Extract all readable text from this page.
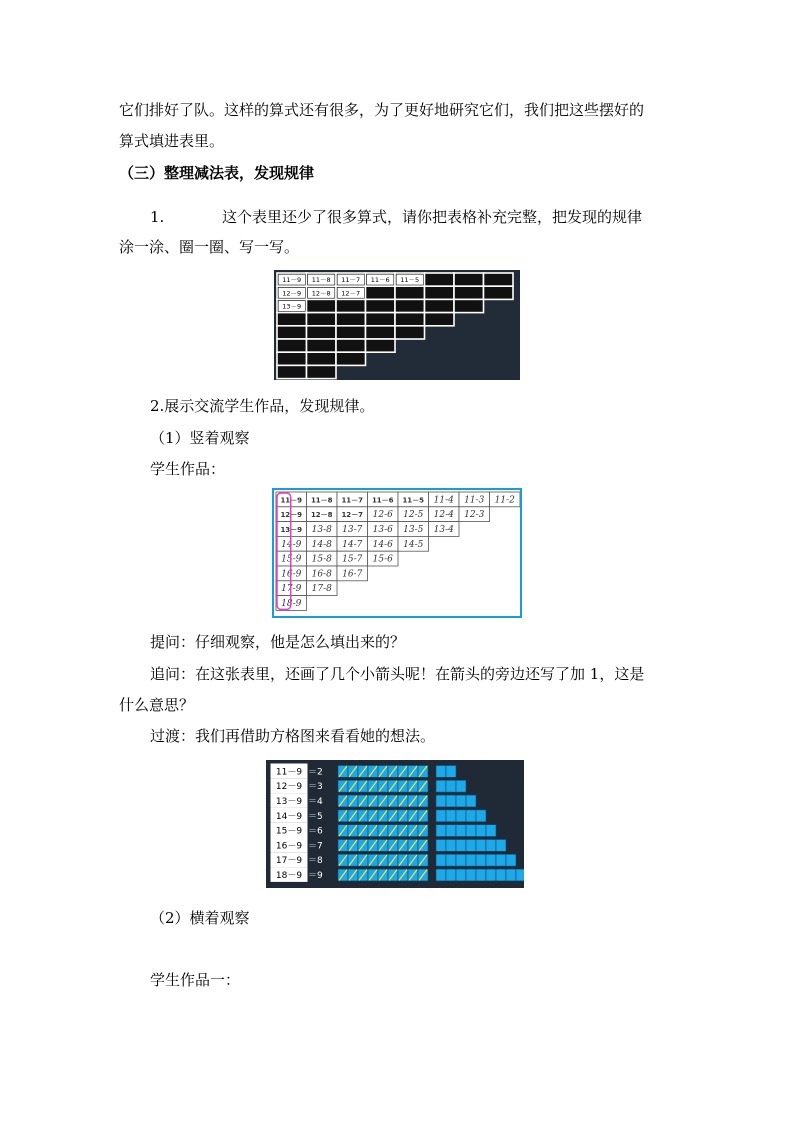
它们排好了队。这样的算式还有很多，为了更好地研究它们，我们把这些摆好的
算式填进表里。
（三）整理减法表，发现规律
1.	这个表里还少了很多算式，请你把表格补充完整，把发现的规律
涂一涂、圈一圈、写一写。
11－9 11－8 11－7 11－6 11－5
12－9 12－8 12－7
13－9
2.展示交流学生作品，发现规律。
（1）竖着观察
学生作品：
11－9 11－8 11－7 11－6 11－5 11-4 11-3 11-2
12－9 12－8 12－7 12-6 12-5 12-4 12-3
13－9 13-8 13-7 13-6 13-5 13-4
14-9 14-8 14-7 14-6 14-5
15-9 15-8 15-7 15-6
16-9 16-8 16-7
17-9 17-8
18-9
提问：仔细观察，他是怎么填出来的？
追问：在这张表里，还画了几个小箭头呢！在箭头的旁边还写了加 1，这是
什么意思？
过渡：我们再借助方格图来看看她的想法。
11－9 ＝2
12－9 ＝3
13－9 ＝4
14－9 ＝5
15－9 ＝6
16－9 ＝7
17－9 ＝8
18－9 ＝9
（2）横着观察
学生作品一：
